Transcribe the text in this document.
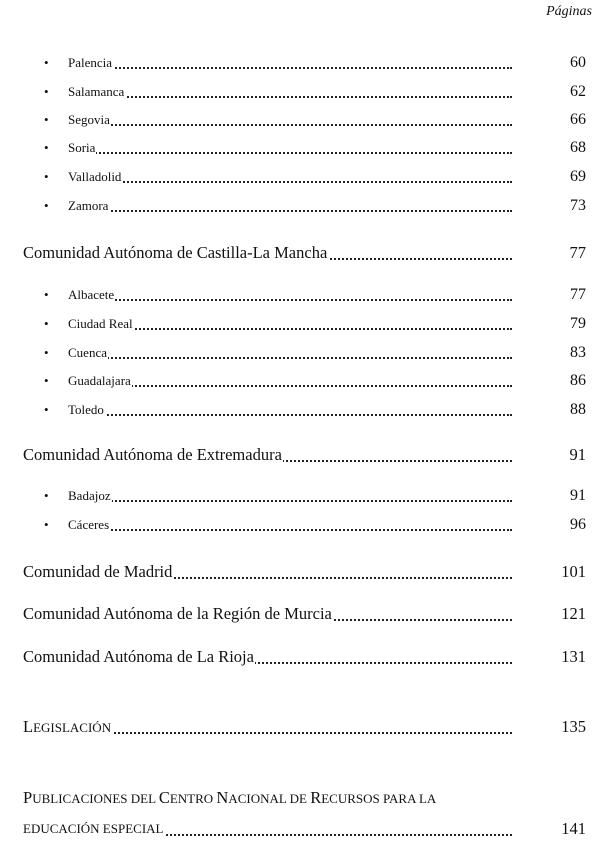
Páginas
• Palencia	60
• Salamanca	62
• Segovia	66
• Soria	68
• Valladolid	69
• Zamora	73
Comunidad Autónoma de Castilla-La Mancha	77
• Albacete	77
• Ciudad Real	79
• Cuenca	83
• Guadalajara	86
• Toledo	88
Comunidad Autónoma de Extremadura	91
• Badajoz	91
• Cáceres	96
Comunidad de Madrid	101
Comunidad Autónoma de la Región de Murcia	121
Comunidad Autónoma de La Rioja	131
LEGISLACIÓN	135
PUBLICACIONES DEL CENTRO NACIONAL DE RECURSOS PARA LA
EDUCACIÓN ESPECIAL	141
